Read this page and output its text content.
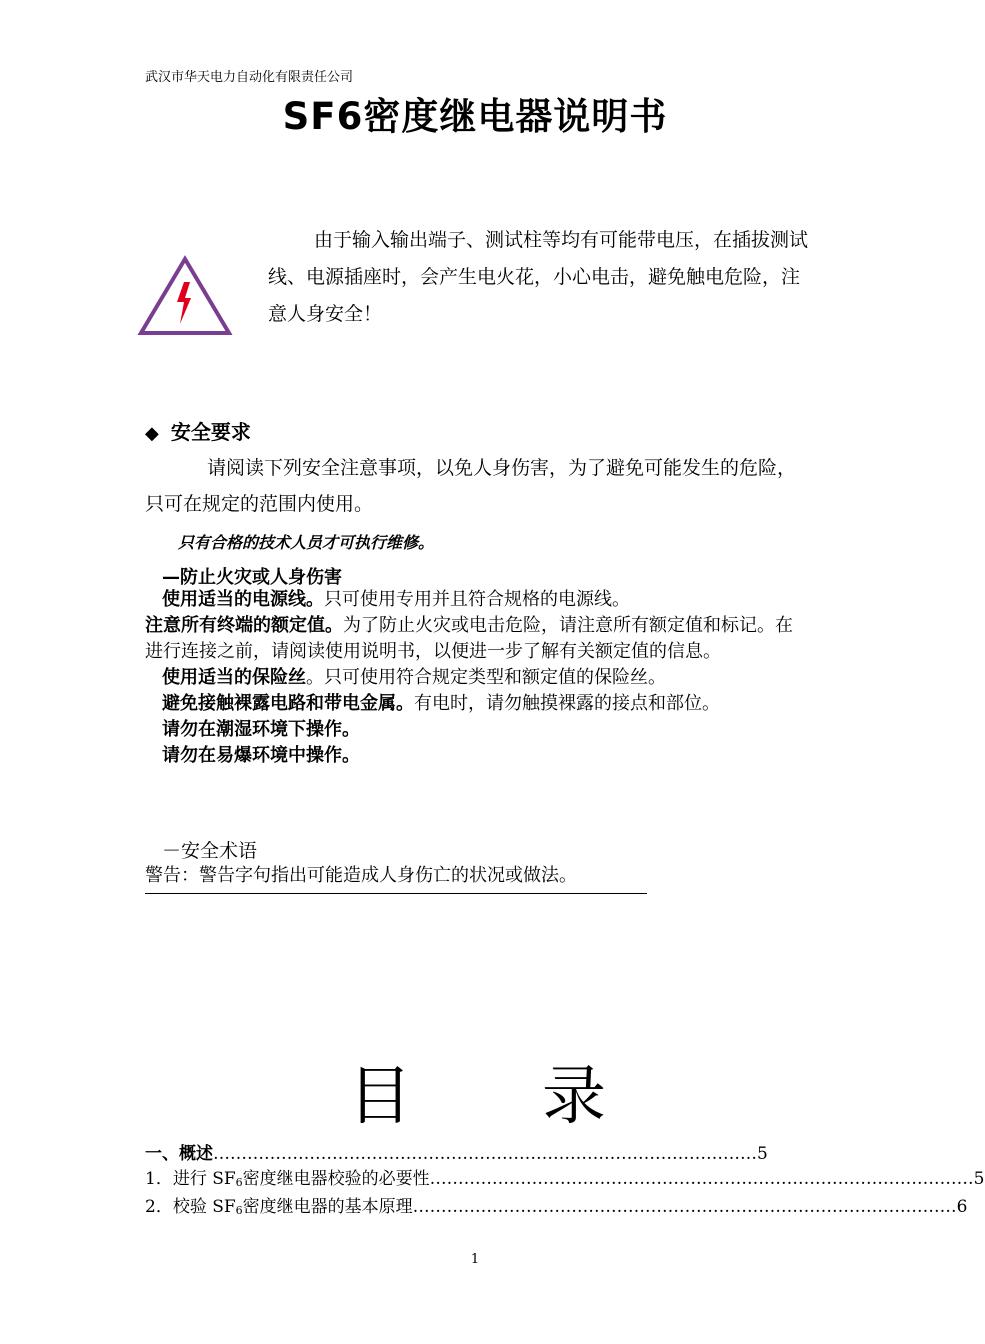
武汉市华天电力自动化有限责任公司
SF6密度继电器说明书
由于输入输出端子、测试柱等均有可能带电压，在插拔测试线、电源插座时，会产生电火花，小心电击，避免触电危险，注意人身安全！
◆ 安全要求
请阅读下列安全注意事项，以免人身伤害，为了避免可能发生的危险，只可在规定的范围内使用。
只有合格的技术人员才可执行维修。
—防止火灾或人身伤害

使用适当的电源线。只可使用专用并且符合规格的电源线。

注意所有终端的额定值。为了防止火灾或电击危险，请注意所有额定值和标记。在进行连接之前，请阅读使用说明书，以便进一步了解有关额定值的信息。

使用适当的保险丝。只可使用符合规定类型和额定值的保险丝。

避免接触裸露电路和带电金属。有电时，请勿触摸裸露的接点和部位。

请勿在潮湿环境下操作。

请勿在易爆环境中操作。

－安全术语
警告：警告字句指出可能造成人身伤亡的状况或做法。
目 录
一、概述 …………………………………………………………………………………… 5
1．进行 $SF_6$密度继电器校验的必要性 …………………………………………………………………………………… 5
2．校验 $SF_6$密度继电器的基本原理 …………………………………………………………………………………… 6
1
